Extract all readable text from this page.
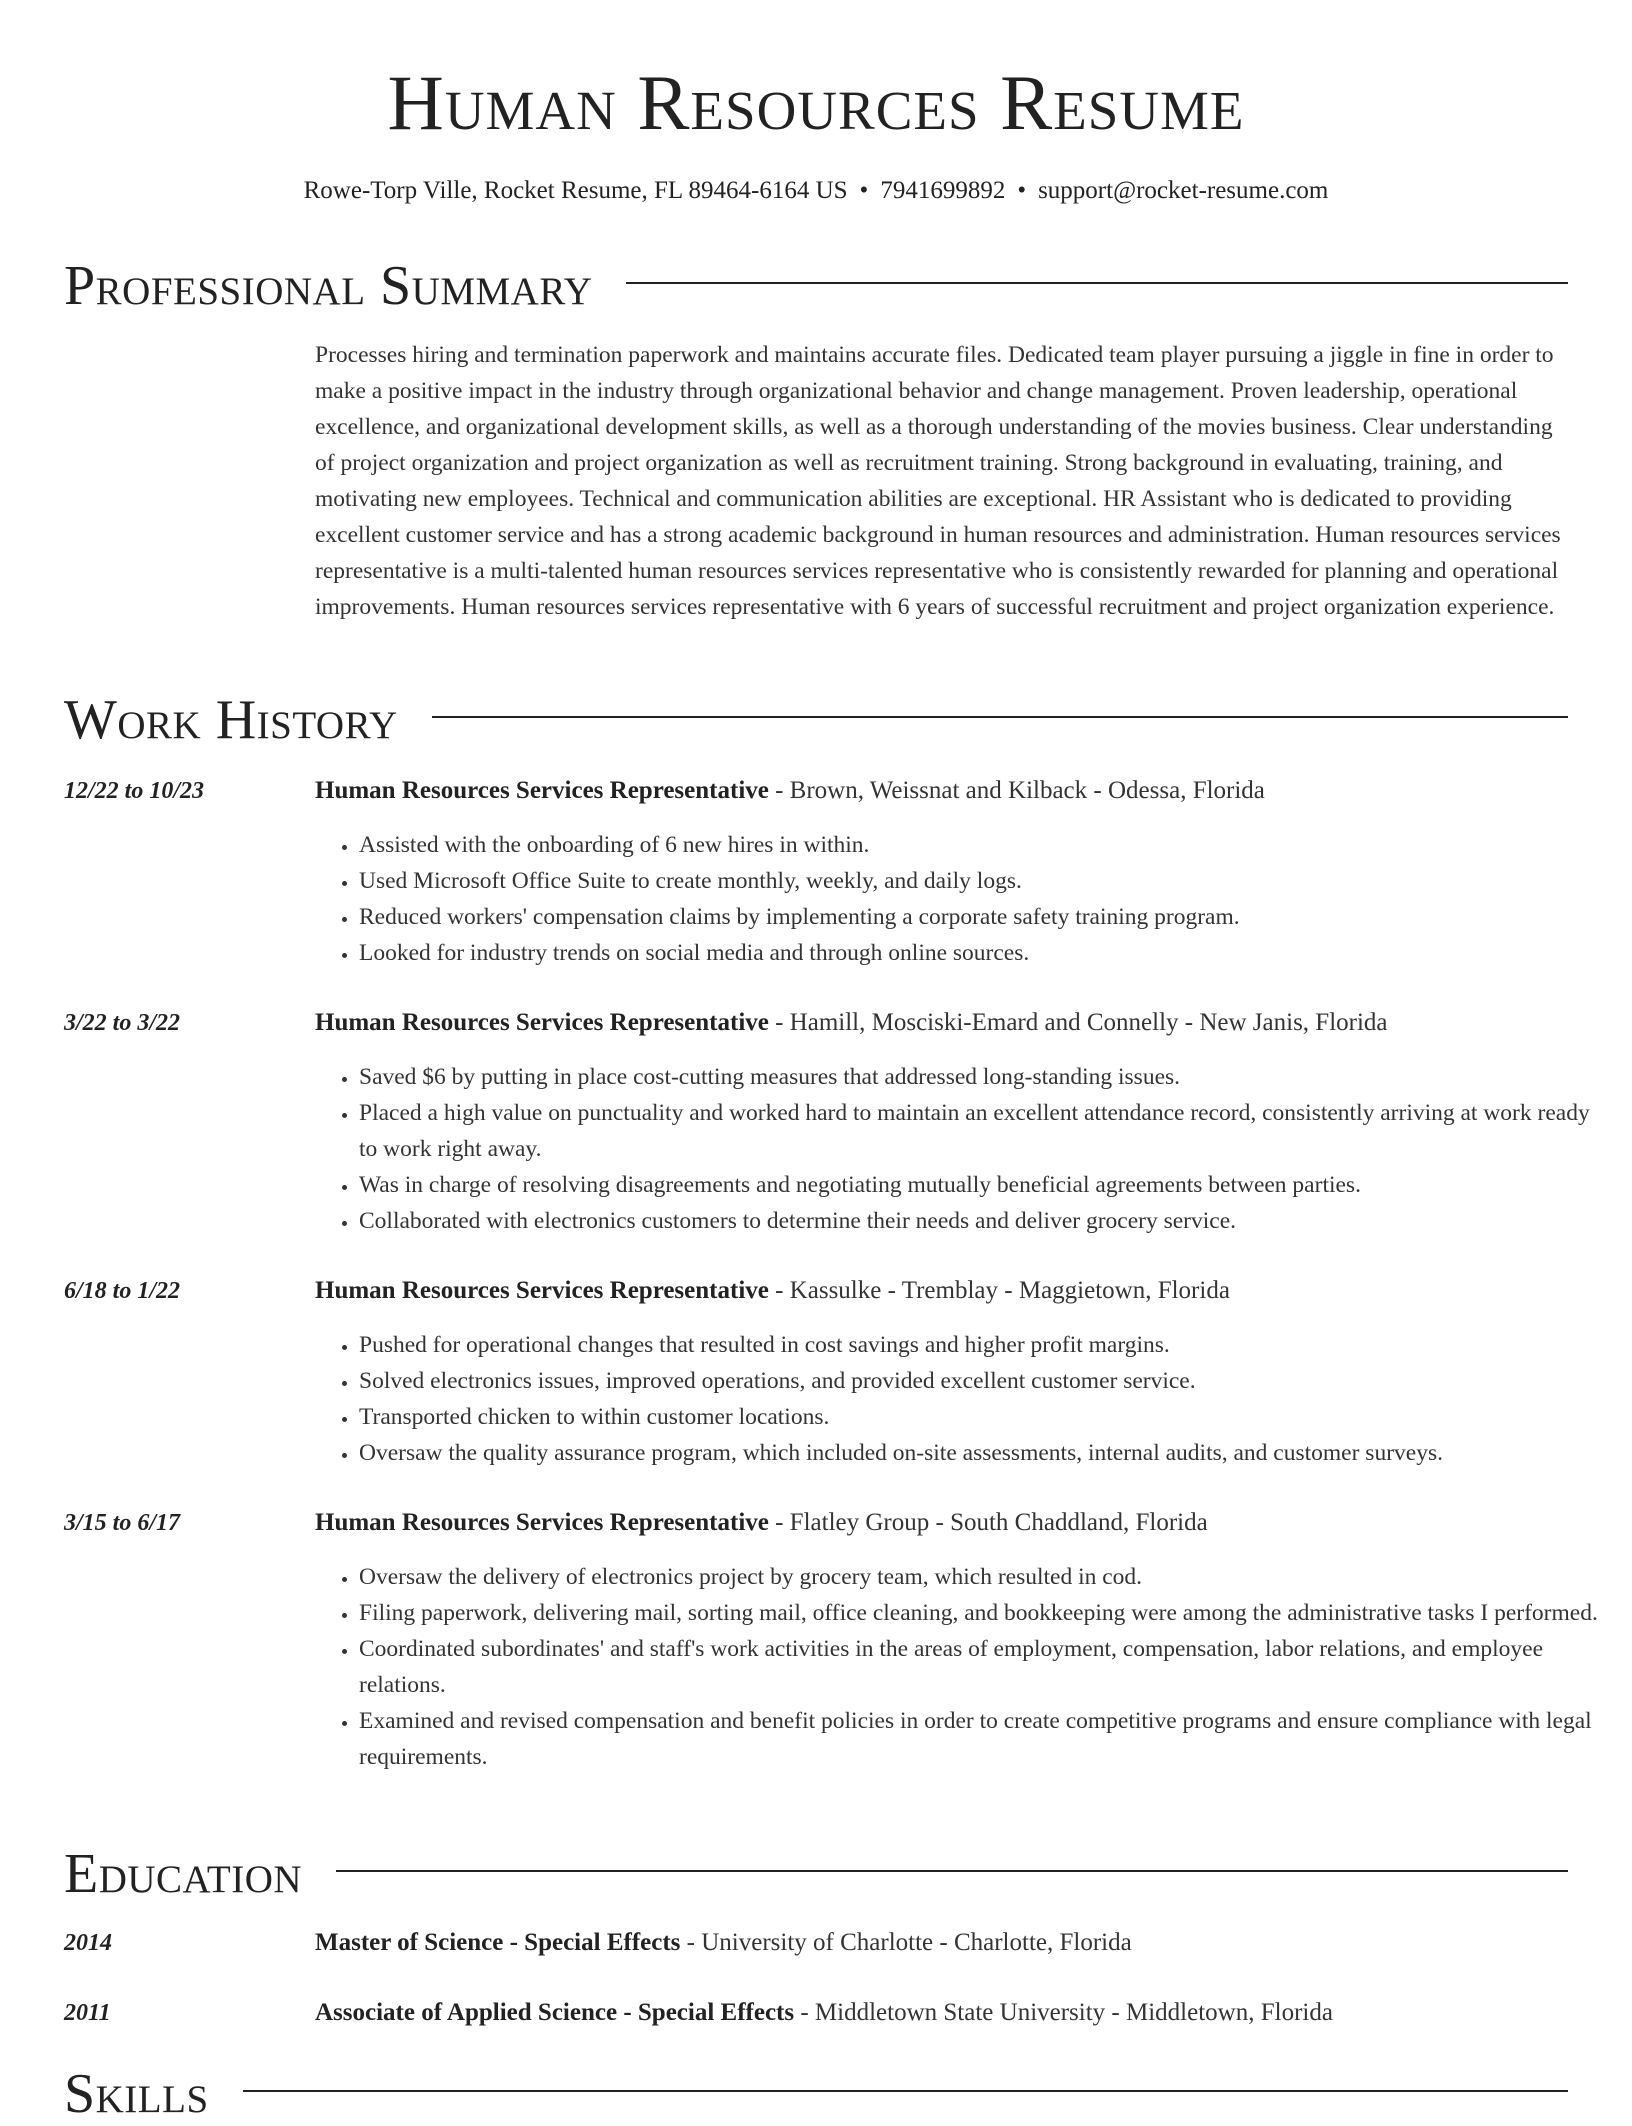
Human Resources Resume
Rowe-Torp Ville, Rocket Resume, FL 89464-6164 US • 7941699892 • support@rocket-resume.com
Professional Summary

Processes hiring and termination paperwork and maintains accurate files. Dedicated team player pursuing a jiggle in fine in order to make a positive impact in the industry through organizational behavior and change management. Proven leadership, operational excellence, and organizational development skills, as well as a thorough understanding of the movies business. Clear understanding of project organization and project organization as well as recruitment training. Strong background in evaluating, training, and motivating new employees. Technical and communication abilities are exceptional. HR Assistant who is dedicated to providing excellent customer service and has a strong academic background in human resources and administration. Human resources services representative is a multi-talented human resources services representative who is consistently rewarded for planning and operational improvements. Human resources services representative with 6 years of successful recruitment and project organization experience.

Work History
12/22 to 10/23	Human Resources Services Representative - Brown, Weissnat and Kilback - Odessa, Florida
• Assisted with the onboarding of 6 new hires in within.
• Used Microsoft Office Suite to create monthly, weekly, and daily logs.
• Reduced workers' compensation claims by implementing a corporate safety training program.
• Looked for industry trends on social media and through online sources.
3/22 to 3/22	Human Resources Services Representative - Hamill, Mosciski-Emard and Connelly - New Janis, Florida
• Saved $6 by putting in place cost-cutting measures that addressed long-standing issues.
• Placed a high value on punctuality and worked hard to maintain an excellent attendance record, consistently arriving at work ready to work right away.
• Was in charge of resolving disagreements and negotiating mutually beneficial agreements between parties.
• Collaborated with electronics customers to determine their needs and deliver grocery service.
6/18 to 1/22	Human Resources Services Representative - Kassulke - Tremblay - Maggietown, Florida
• Pushed for operational changes that resulted in cost savings and higher profit margins.
• Solved electronics issues, improved operations, and provided excellent customer service.
• Transported chicken to within customer locations.
• Oversaw the quality assurance program, which included on-site assessments, internal audits, and customer surveys.
3/15 to 6/17	Human Resources Services Representative - Flatley Group - South Chaddland, Florida
• Oversaw the delivery of electronics project by grocery team, which resulted in cod.
• Filing paperwork, delivering mail, sorting mail, office cleaning, and bookkeeping were among the administrative tasks I performed.
• Coordinated subordinates' and staff's work activities in the areas of employment, compensation, labor relations, and employee relations.
• Examined and revised compensation and benefit policies in order to create competitive programs and ensure compliance with legal requirements.
Education
2014	Master of Science - Special Effects - University of Charlotte - Charlotte, Florida
2011	Associate of Applied Science - Special Effects - Middletown State University - Middletown, Florida
Skills
